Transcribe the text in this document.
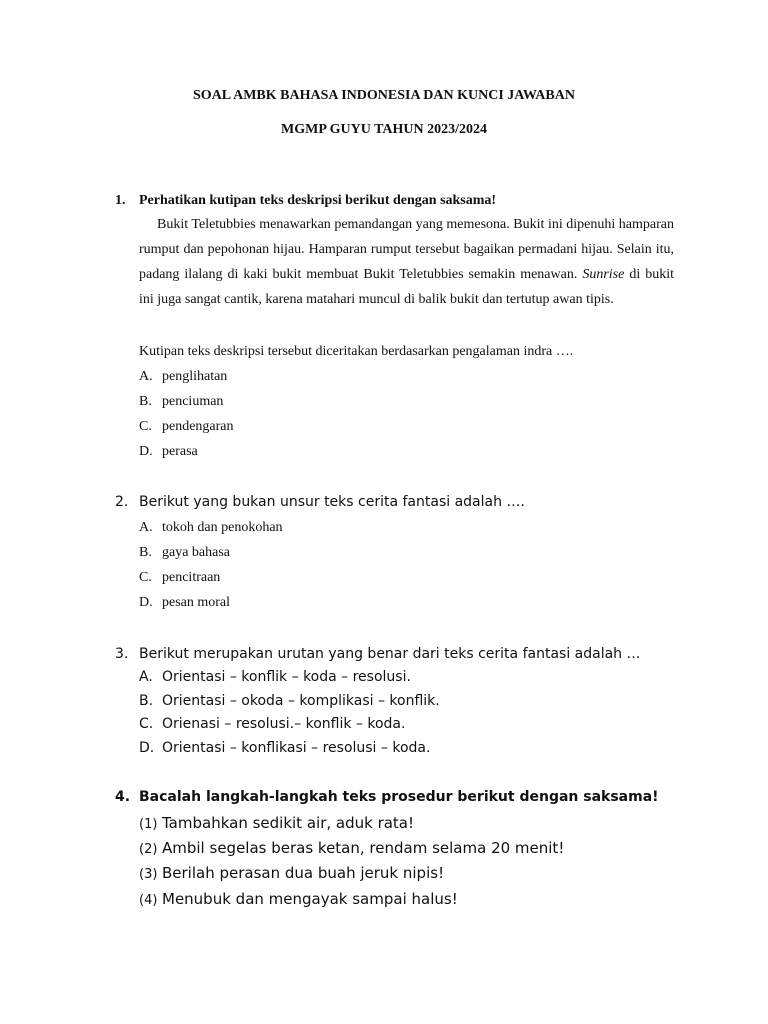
SOAL AMBK BAHASA INDONESIA DAN KUNCI JAWABAN
MGMP GUYU TAHUN 2023/2024
1. Perhatikan kutipan teks deskripsi berikut dengan saksama!
Bukit Teletubbies menawarkan pemandangan yang memesona. Bukit ini dipenuhi hamparan rumput dan pepohonan hijau. Hamparan rumput tersebut bagaikan permadani hijau. Selain itu, padang ilalang di kaki bukit membuat Bukit Teletubbies semakin menawan. Sunrise di bukit ini juga sangat cantik, karena matahari muncul di balik bukit dan tertutup awan tipis.
Kutipan teks deskripsi tersebut diceritakan berdasarkan pengalaman indra ….
A. penglihatan
B. penciuman
C. pendengaran
D. perasa
2. Berikut yang bukan unsur teks cerita fantasi adalah ….
A. tokoh dan penokohan
B. gaya bahasa
C. pencitraan
D. pesan moral
3. Berikut merupakan urutan yang benar dari teks cerita fantasi adalah …
A. Orientasi – konflik – koda – resolusi.
B. Orientasi – okoda – komplikasi – konflik.
C. Orienasi – resolusi.– konflik – koda.
D. Orientasi – konflikasi – resolusi – koda.
4. Bacalah langkah-langkah teks prosedur berikut dengan saksama!
(1) Tambahkan sedikit air, aduk rata!
(2) Ambil segelas beras ketan, rendam selama 20 menit!
(3) Berilah perasan dua buah jeruk nipis!
(4) Menubuk dan mengayak sampai halus!
